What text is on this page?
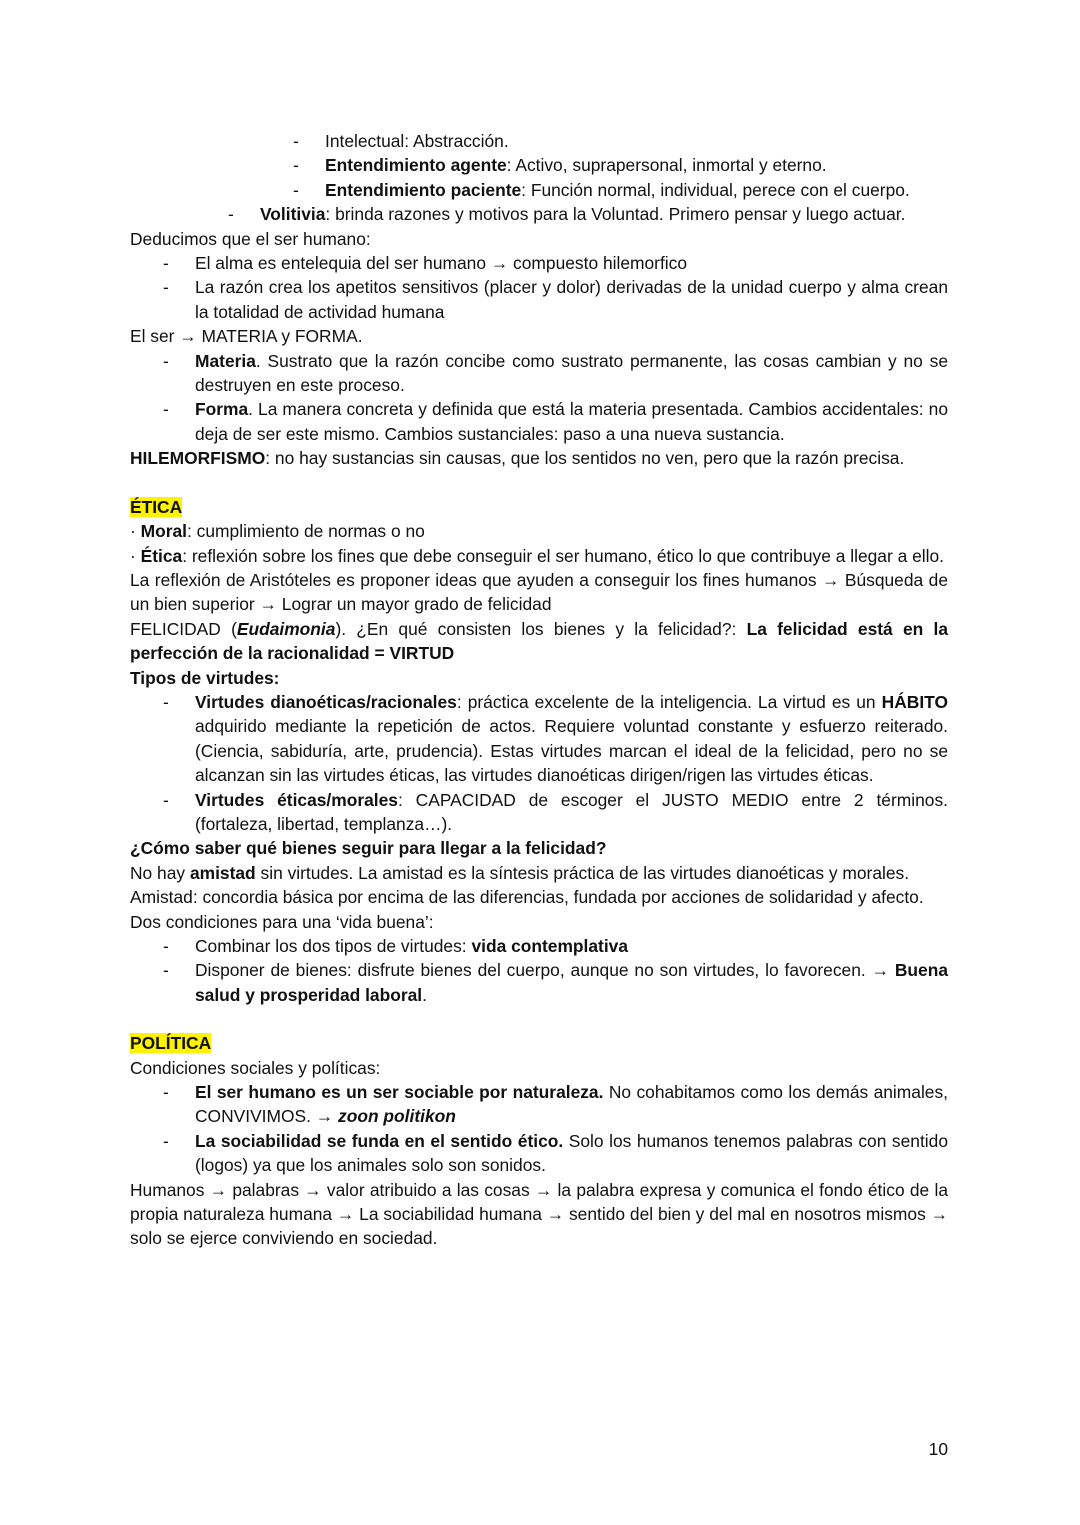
- Intelectual: Abstracción.

- Entendimiento agente: Activo, suprapersonal, inmortal y eterno.

- Entendimiento paciente: Función normal, individual, perece con el cuerpo.

- Volitivia: brinda razones y motivos para la Voluntad. Primero pensar y luego actuar.

Deducimos que el ser humano:

- El alma es entelequia del ser humano → compuesto hilemorfico

- La razón crea los apetitos sensitivos (placer y dolor) derivadas de la unidad cuerpo y alma crean la totalidad de actividad humana

El ser → MATERIA y FORMA.

- Materia. Sustrato que la razón concibe como sustrato permanente, las cosas cambian y no se destruyen en este proceso.

- Forma. La manera concreta y definida que está la materia presentada. Cambios accidentales: no deja de ser este mismo. Cambios sustanciales: paso a una nueva sustancia.

HILEMORFISMO: no hay sustancias sin causas, que los sentidos no ven, pero que la razón precisa.

ÉTICA

· Moral: cumplimiento de normas o no

· Ética: reflexión sobre los fines que debe conseguir el ser humano, ético lo que contribuye a llegar a ello.

La reflexión de Aristóteles es proponer ideas que ayuden a conseguir los fines humanos → Búsqueda de un bien superior → Lograr un mayor grado de felicidad

FELICIDAD (Eudaimonia). ¿En qué consisten los bienes y la felicidad?: La felicidad está en la perfección de la racionalidad = VIRTUD

Tipos de virtudes:

- Virtudes dianoéticas/racionales: práctica excelente de la inteligencia. La virtud es un HÁBITO adquirido mediante la repetición de actos. Requiere voluntad constante y esfuerzo reiterado. (Ciencia, sabiduría, arte, prudencia). Estas virtudes marcan el ideal de la felicidad, pero no se alcanzan sin las virtudes éticas, las virtudes dianoéticas dirigen/rigen las virtudes éticas.

- Virtudes éticas/morales: CAPACIDAD de escoger el JUSTO MEDIO entre 2 términos. (fortaleza, libertad, templanza…).

¿Cómo saber qué bienes seguir para llegar a la felicidad?

No hay amistad sin virtudes. La amistad es la síntesis práctica de las virtudes dianoéticas y morales.

Amistad: concordia básica por encima de las diferencias, fundada por acciones de solidaridad y afecto.

Dos condiciones para una ‘vida buena’:

- Combinar los dos tipos de virtudes: vida contemplativa

- Disponer de bienes: disfrute bienes del cuerpo, aunque no son virtudes, lo favorecen. → Buena salud y prosperidad laboral.

POLÍTICA

Condiciones sociales y políticas:

- El ser humano es un ser sociable por naturaleza. No cohabitamos como los demás animales, CONVIVIMOS. → zoon politikon

- La sociabilidad se funda en el sentido ético. Solo los humanos tenemos palabras con sentido (logos) ya que los animales solo son sonidos.

Humanos → palabras → valor atribuido a las cosas → la palabra expresa y comunica el fondo ético de la propia naturaleza humana → La sociabilidad humana → sentido del bien y del mal en nosotros mismos → solo se ejerce conviviendo en sociedad.

10
